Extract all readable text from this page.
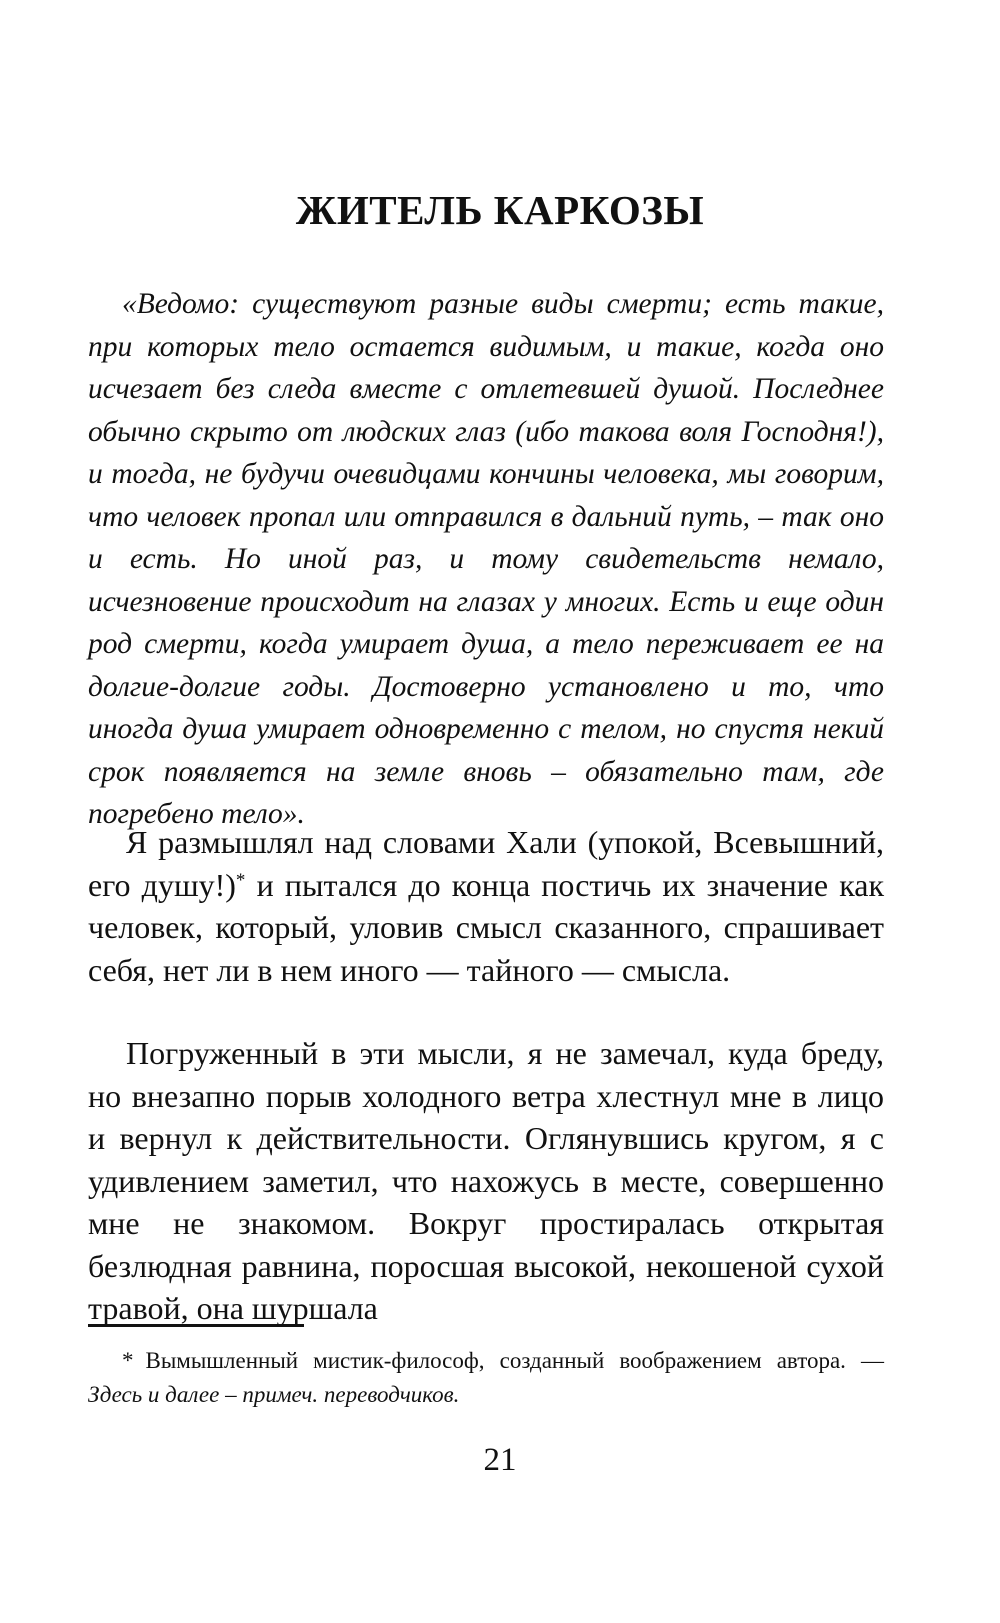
ЖИТЕЛЬ КАРКОЗЫ

«Ведомо: существуют разные виды смерти; есть такие, при которых тело остается видимым, и такие, когда оно исчезает без следа вместе с отлетевшей душой. Последнее обычно скрыто от людских глаз (ибо такова воля Господня!), и тогда, не будучи очевидцами кончины человека, мы говорим, что человек пропал или отправился в дальний путь, – так оно и есть. Но иной раз, и тому свидетельств немало, исчезновение происходит на глазах у многих. Есть и еще один род смерти, когда умирает душа, а тело переживает ее на долгие-долгие годы. Достоверно установлено и то, что иногда душа умирает одновременно с телом, но спустя некий срок появляется на земле вновь – обязательно там, где погребено тело».

Я размышлял над словами Хали (упокой, Всевышний, его душу!)* и пытался до конца постичь их значение как человек, который, уловив смысл сказанного, спрашивает себя, нет ли в нем иного — тайного — смысла.

Погруженный в эти мысли, я не замечал, куда бреду, но внезапно порыв холодного ветра хлестнул мне в лицо и вернул к действительности. Оглянувшись кругом, я с удивлением заметил, что нахожусь в месте, совершенно мне не знакомом. Вокруг простиралась открытая безлюдная равнина, поросшая высокой, некошеной сухой травой, она шуршала

* Вымышленный мистик-философ, созданный воображением автора. — Здесь и далее – примеч. переводчиков.

21
